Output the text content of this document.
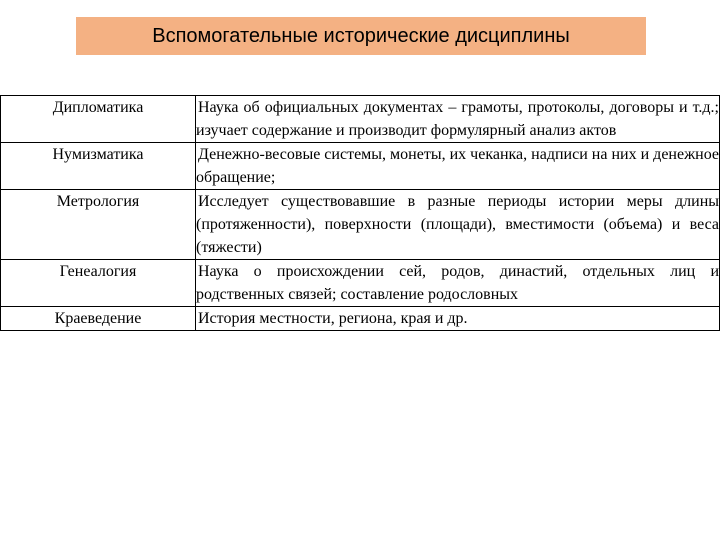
Вспомогательные исторические дисциплины
Дипломатика	Наука об официальных документах – грамоты, протоколы, договоры и т.д.; изучает содержание и производит формулярный анализ актов
Нумизматика	Денежно-весовые системы, монеты, их чеканка, надписи на них и денежное обращение;
Метрология	Исследует существовавшие в разные периоды истории меры длины (протяженности), поверхности (площади), вместимости (объема) и веса (тяжести)
Генеалогия	Наука о происхождении сей, родов, династий, отдельных лиц и родственных связей; составление родословных
Краеведение	История местности, региона, края и др.
